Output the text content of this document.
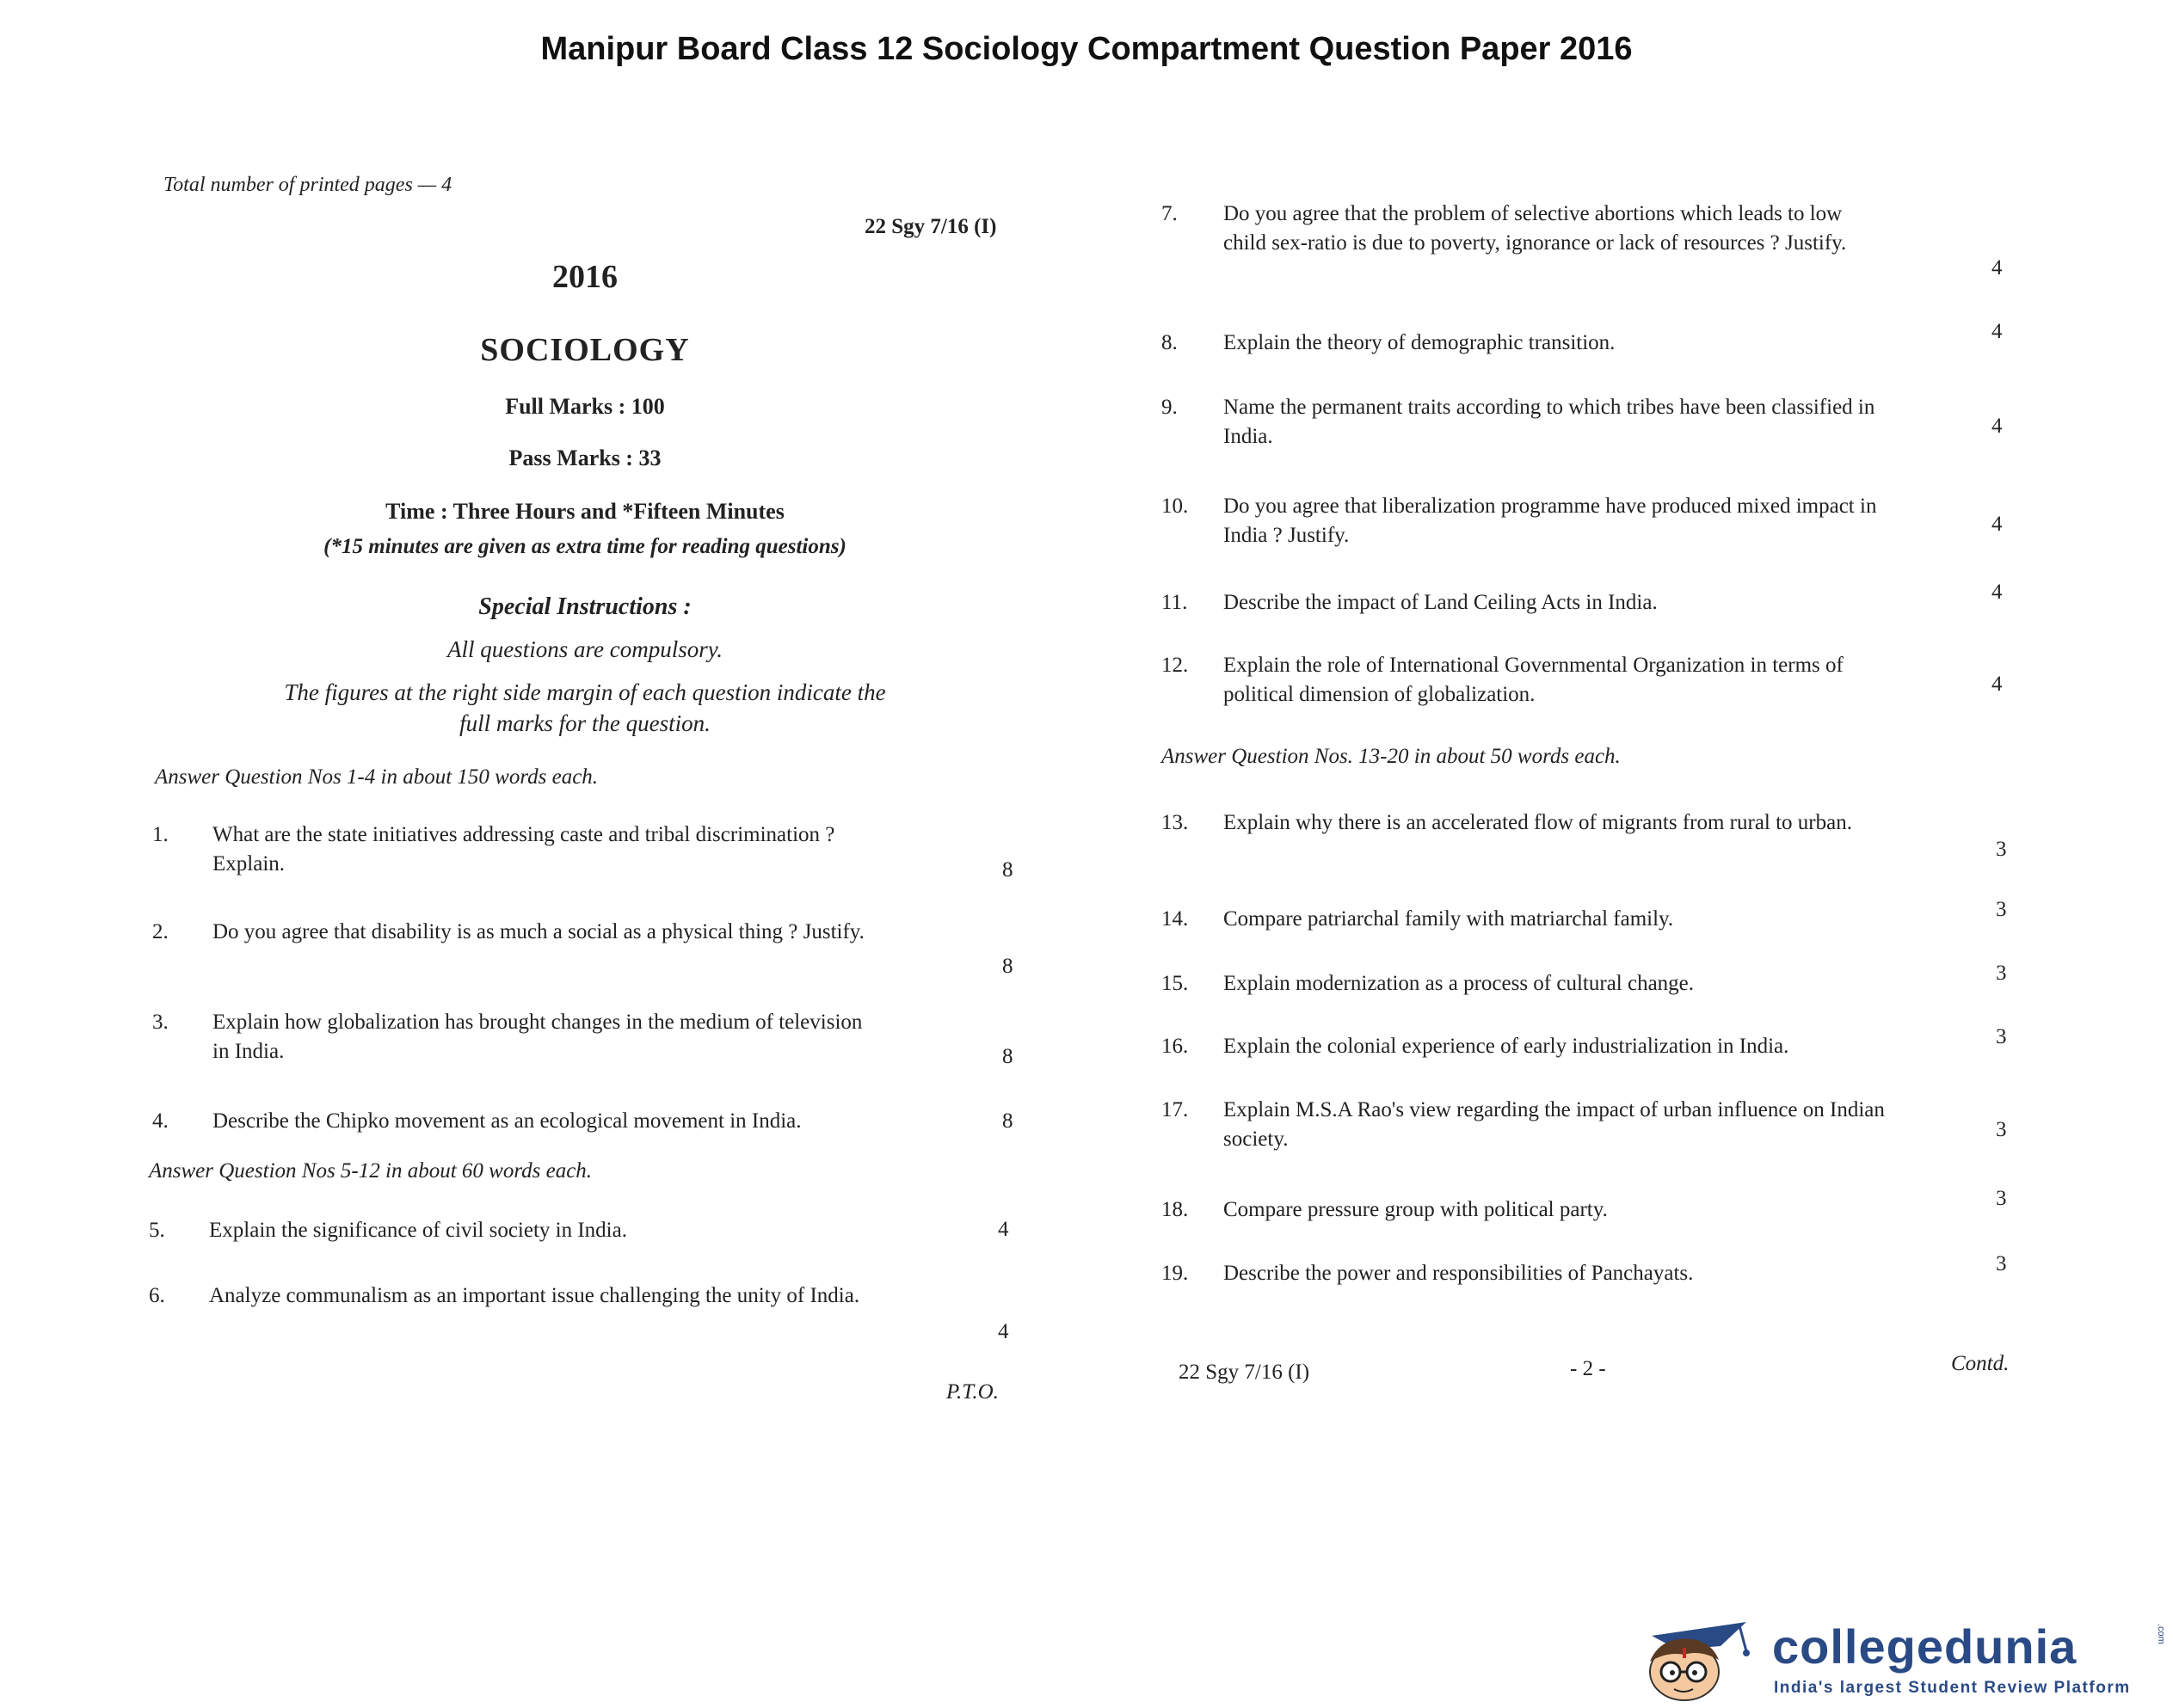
Manipur Board Class 12 Sociology Compartment Question Paper 2016
Total number of printed pages — 4
22 Sgy 7/16 (I)
2016
SOCIOLOGY
Full Marks : 100
Pass Marks : 33
Time : Three Hours and *Fifteen Minutes
(*15 minutes are given as extra time for reading questions)
Special Instructions :
All questions are compulsory.
The figures at the right side margin of each question indicate the
full marks for the question.
Answer Question Nos 1-4 in about 150 words each.
1. What are the state initiatives addressing caste and tribal discrimination ?
Explain.	8
2. Do you agree that disability is as much a social as a physical thing ? Justify.
8
3. Explain how globalization has brought changes in the medium of television
in India.	8
4. Describe the Chipko movement as an ecological movement in India.	8
Answer Question Nos 5-12 in about 60 words each.
5. Explain the significance of civil society in India.	4
6. Analyze communalism as an important issue challenging the unity of India.
4
P.T.O.
7. Do you agree that the problem of selective abortions which leads to low
child sex-ratio is due to poverty, ignorance or lack of resources ? Justify.
4
8. Explain the theory of demographic transition.	4
9. Name the permanent traits according to which tribes have been classified in
India.	4
10. Do you agree that liberalization programme have produced mixed impact in
India ? Justify.	4
11. Describe the impact of Land Ceiling Acts in India.	4
12. Explain the role of International Governmental Organization in terms of
political dimension of globalization.	4
Answer Question Nos. 13-20 in about 50 words each.
13. Explain why there is an accelerated flow of migrants from rural to urban.
3
14. Compare patriarchal family with matriarchal family.	3
15. Explain modernization as a process of cultural change.	3
16. Explain the colonial experience of early industrialization in India.	3
17. Explain M.S.A Rao's view regarding the impact of urban influence on Indian
society.	3
18. Compare pressure group with political party.	3
19. Describe the power and responsibilities of Panchayats.	3
22 Sgy 7/16 (I)	- 2 -	Contd.
collegedunia	.com
India's largest Student Review Platform
